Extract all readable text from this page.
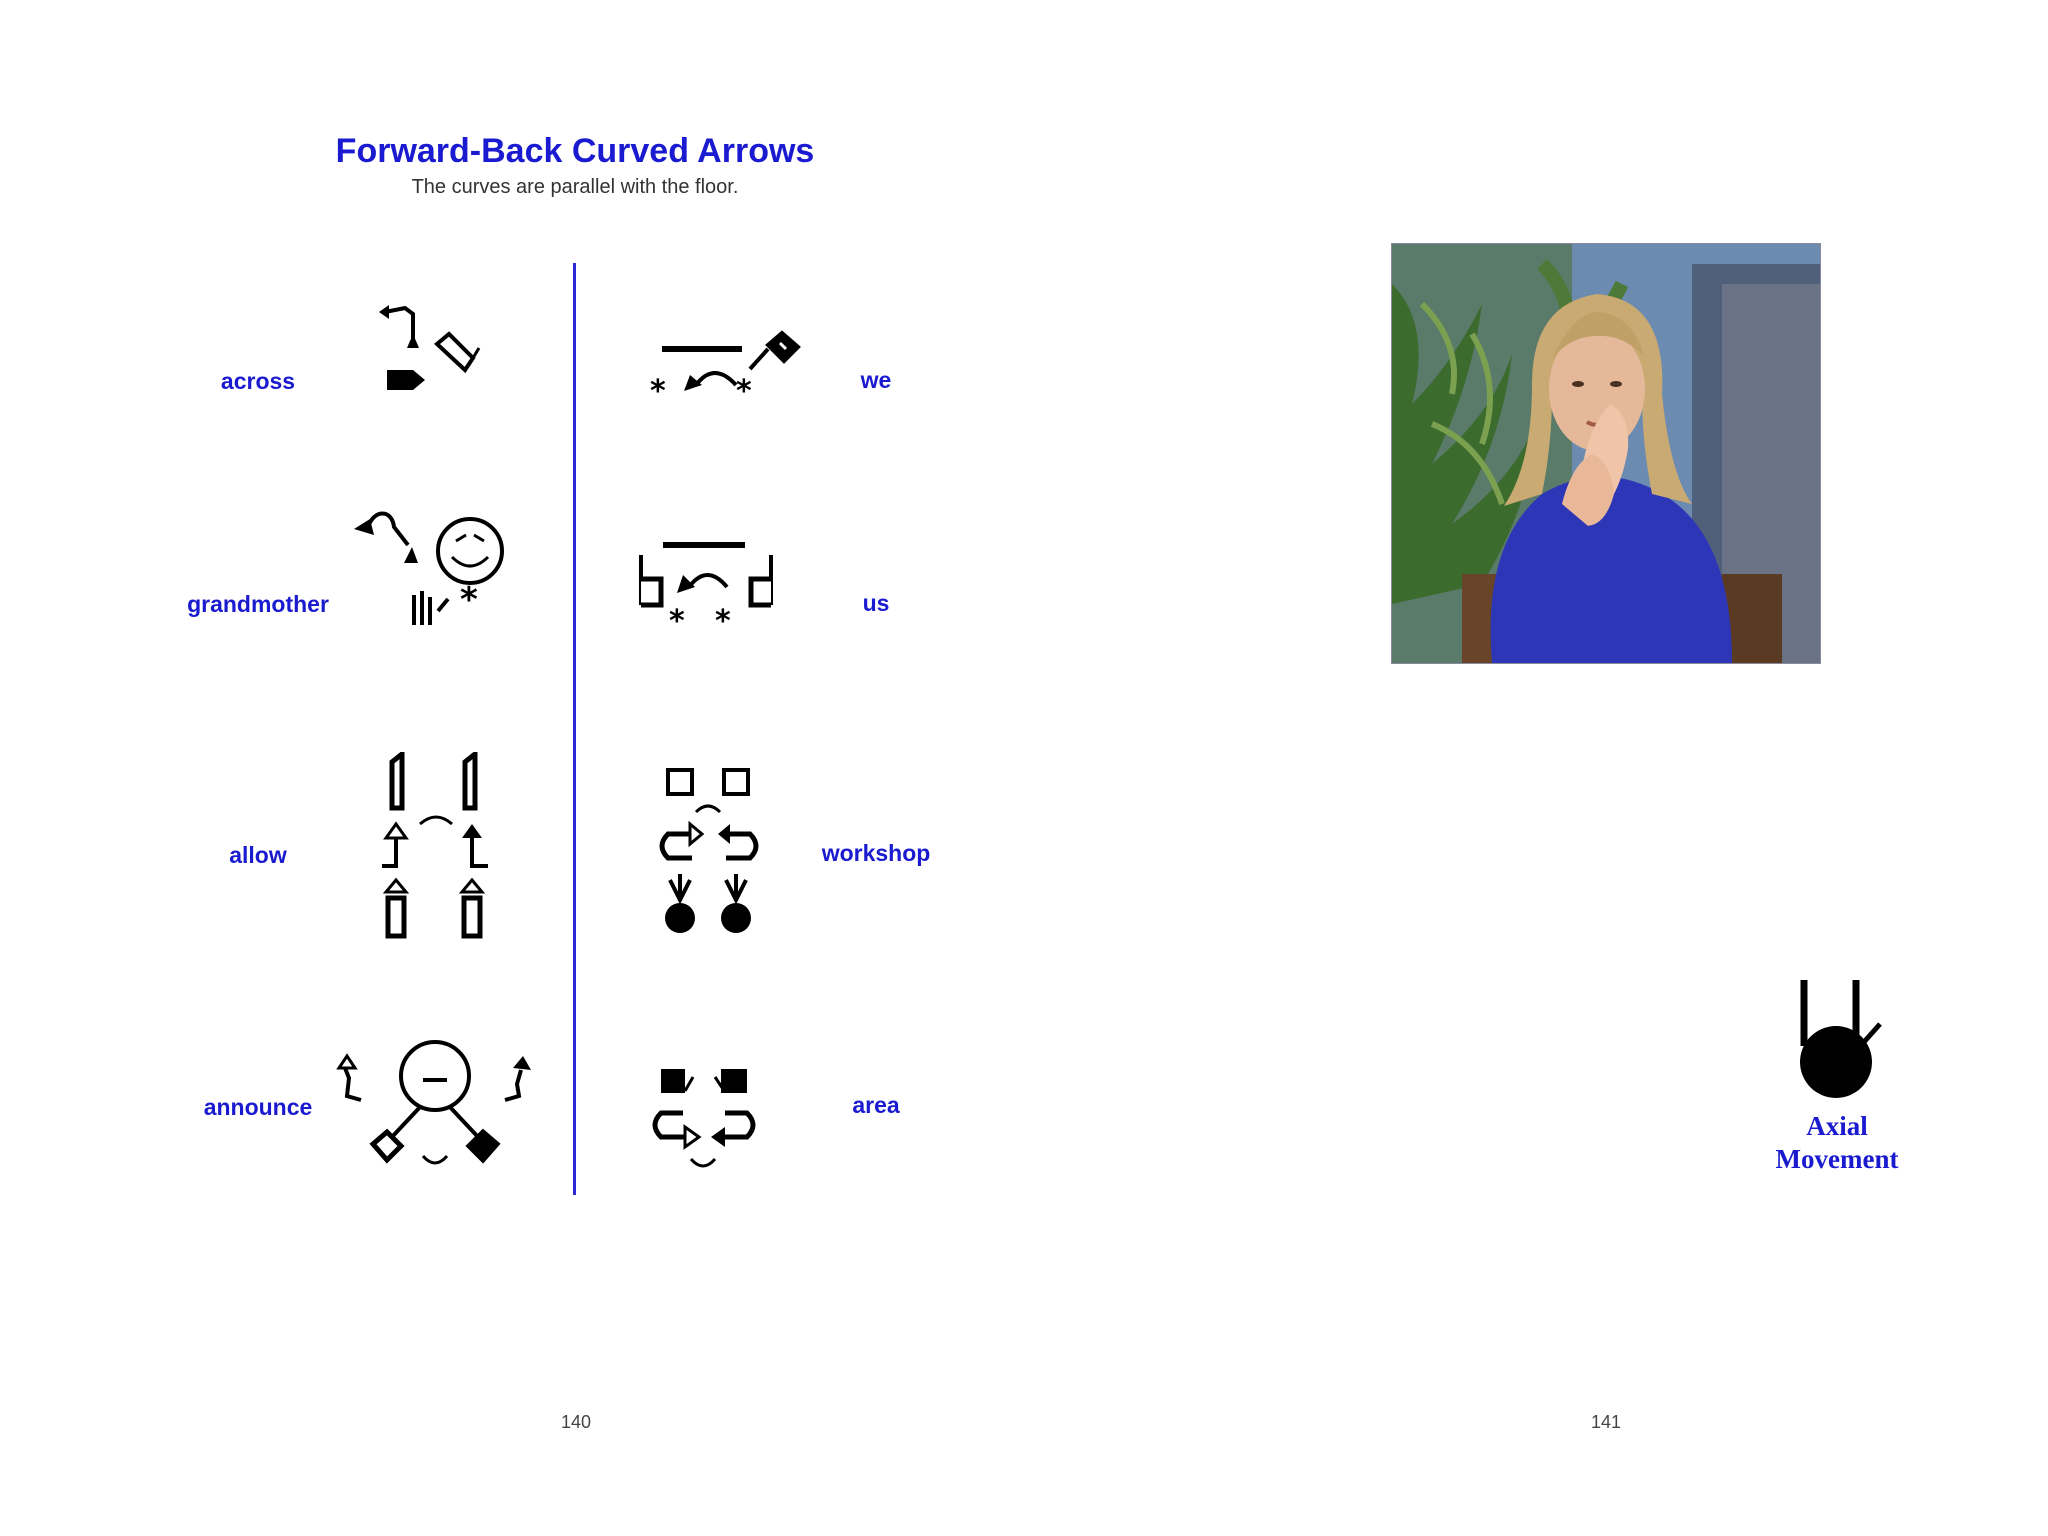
Forward-Back Curved Arrows
The curves are parallel with the floor.
across
grandmother
allow
announce
we
us
workshop
area
*
* *
* *
140
Axial
Movement
141
